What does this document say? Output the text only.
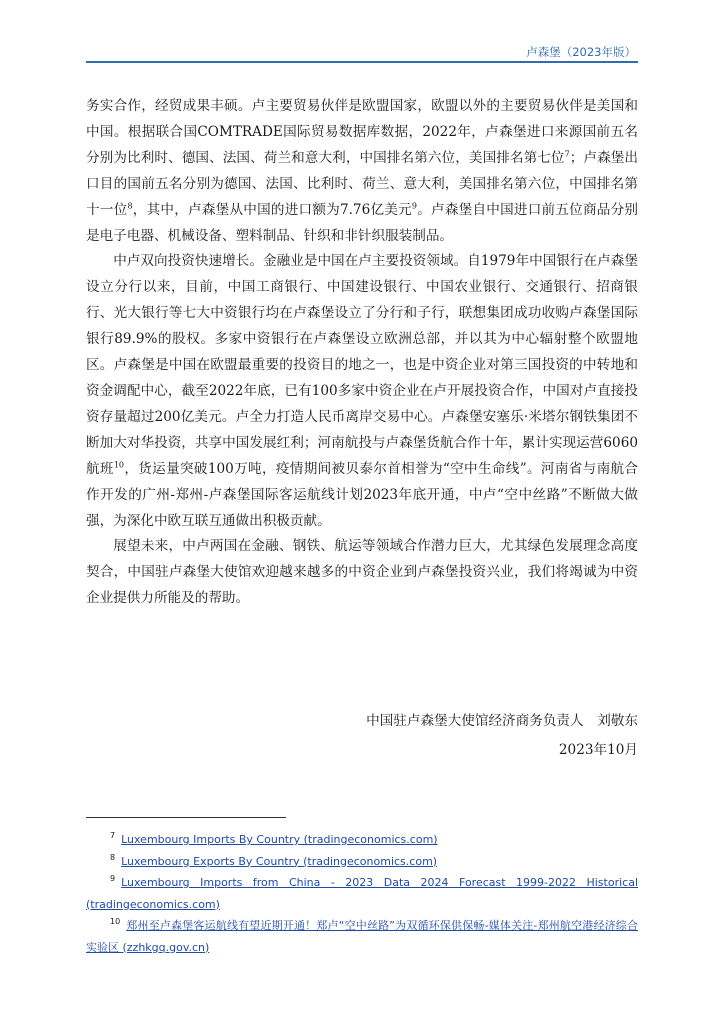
卢森堡（2023年版）

务实合作，经贸成果丰硕。卢主要贸易伙伴是欧盟国家，欧盟以外的主要贸易伙伴是美国和中国。根据联合国COMTRADE国际贸易数据库数据，2022年，卢森堡进口来源国前五名分别为比利时、德国、法国、荷兰和意大利，中国排名第六位，美国排名第七位$^7$；卢森堡出口目的国前五名分别为德国、法国、比利时、荷兰、意大利，美国排名第六位，中国排名第十一位$^8$，其中，卢森堡从中国的进口额为7.76亿美元$^9$。卢森堡自中国进口前五位商品分别是电子电器、机械设备、塑料制品、针织和非针织服装制品。

中卢双向投资快速增长。金融业是中国在卢主要投资领域。自1979年中国银行在卢森堡设立分行以来，目前，中国工商银行、中国建设银行、中国农业银行、交通银行、招商银行、光大银行等七大中资银行均在卢森堡设立了分行和子行，联想集团成功收购卢森堡国际银行89.9%的股权。多家中资银行在卢森堡设立欧洲总部，并以其为中心辐射整个欧盟地区。卢森堡是中国在欧盟最重要的投资目的地之一，也是中资企业对第三国投资的中转地和资金调配中心，截至2022年底，已有100多家中资企业在卢开展投资合作，中国对卢直接投资存量超过200亿美元。卢全力打造人民币离岸交易中心。卢森堡安塞乐·米塔尔钢铁集团不断加大对华投资，共享中国发展红利；河南航投与卢森堡货航合作十年，累计实现运营6060航班$^{10}$，货运量突破100万吨，疫情期间被贝泰尔首相誉为“空中生命线”。河南省与南航合作开发的广州-郑州-卢森堡国际客运航线计划2023年底开通，中卢“空中丝路”不断做大做强，为深化中欧互联互通做出积极贡献。

展望未来，中卢两国在金融、钢铁、航运等领域合作潜力巨大，尤其绿色发展理念高度契合，中国驻卢森堡大使馆欢迎越来越多的中资企业到卢森堡投资兴业，我们将竭诚为中资企业提供力所能及的帮助。

中国驻卢森堡大使馆经济商务负责人　刘敬东
2023年10月
$^7$ Luxembourg Imports By Country (tradingeconomics.com)
$^8$ Luxembourg Exports By Country (tradingeconomics.com)
$^9$ Luxembourg Imports from China - 2023 Data 2024 Forecast 1999-2022 Historical (tradingeconomics.com)
$^{10}$ 郑州至卢森堡客运航线有望近期开通！郑卢“空中丝路”为双循环保供保畅-媒体关注-郑州航空港经济综合实验区 (zzhkgq.gov.cn)
